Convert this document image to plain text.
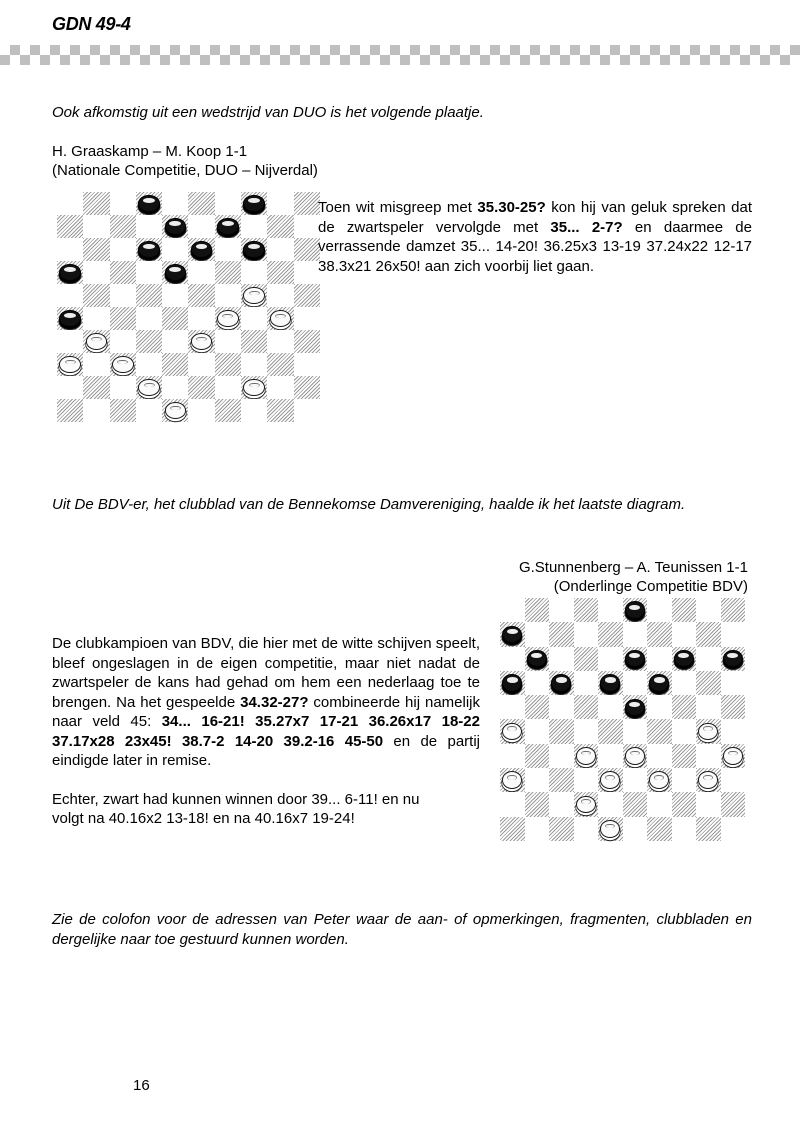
GDN 49-4
Ook afkomstig uit een wedstrijd van DUO is het volgende plaatje.
H. Graaskamp – M. Koop 1-1
(Nationale Competitie, DUO – Nijverdal)
Toen wit misgreep met 35.30-25? kon hij van geluk spreken dat de zwartspeler vervolgde met 35... 2-7? en daarmee de verrassende damzet 35... 14-20! 36.25x3 13-19 37.24x22 12-17 38.3x21 26x50! aan zich voorbij liet gaan.
Uit De BDV-er, het clubblad van de Bennekomse Damvereniging, haalde ik het laatste diagram.
G.Stunnenberg – A. Teunissen 1-1
(Onderlinge Competitie BDV)
De clubkampioen van BDV, die hier met de witte schijven speelt, bleef ongeslagen in de eigen competitie, maar niet nadat de zwartspeler de kans had gehad om hem een nederlaag toe te brengen. Na het gespeelde 34.32-27? combineerde hij namelijk naar veld 45: 34... 16-21! 35.27x7 17-21 36.26x17 18-22 37.17x28 23x45! 38.7-2 14-20 39.2-16 45-50 en de partij eindigde later in remise.
Echter, zwart had kunnen winnen door 39... 6-11! en nu
volgt na 40.16x2 13-18! en na 40.16x7 19-24!
Zie de colofon voor de adressen van Peter waar de aan- of opmerkingen, fragmenten, clubbladen en dergelijke naar toe gestuurd kunnen worden.
16
